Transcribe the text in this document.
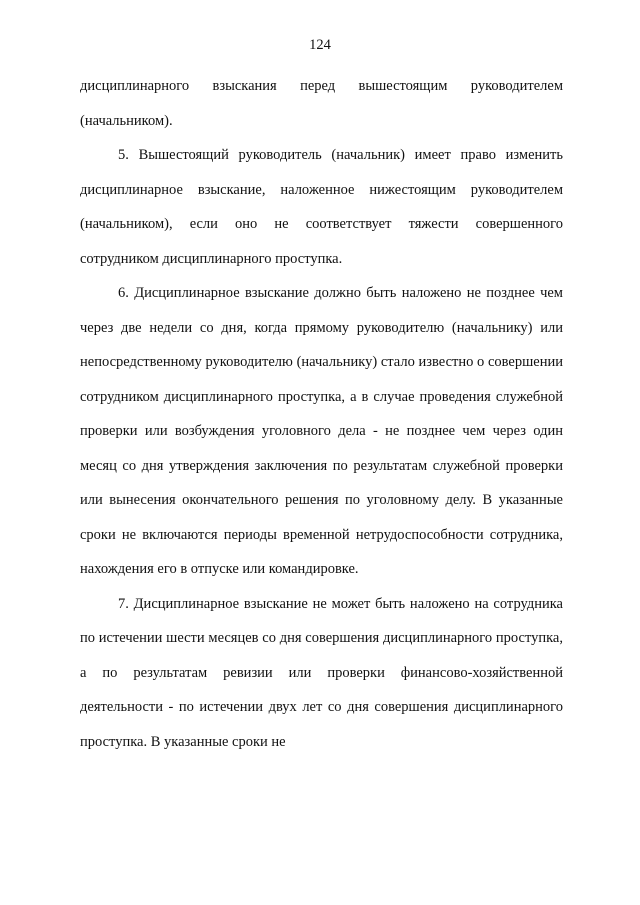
124

дисциплинарного взыскания перед вышестоящим руководителем (начальником).

5. Вышестоящий руководитель (начальник) имеет право изменить дисциплинарное взыскание, наложенное нижестоящим руководителем (начальником), если оно не соответствует тяжести совершенного сотрудником дисциплинарного проступка.

6. Дисциплинарное взыскание должно быть наложено не позднее чем через две недели со дня, когда прямому руководителю (начальнику) или непосредственному руководителю (начальнику) стало известно о совершении сотрудником дисциплинарного проступка, а в случае проведения служебной проверки или возбуждения уголовного дела - не позднее чем через один месяц со дня утверждения заключения по результатам служебной проверки или вынесения окончательного решения по уголовному делу. В указанные сроки не включаются периоды временной нетрудоспособности сотрудника, нахождения его в отпуске или командировке.

7. Дисциплинарное взыскание не может быть наложено на сотрудника по истечении шести месяцев со дня совершения дисциплинарного проступка, а по результатам ревизии или проверки финансово-хозяйственной деятельности - по истечении двух лет со дня совершения дисциплинарного проступка. В указанные сроки не
